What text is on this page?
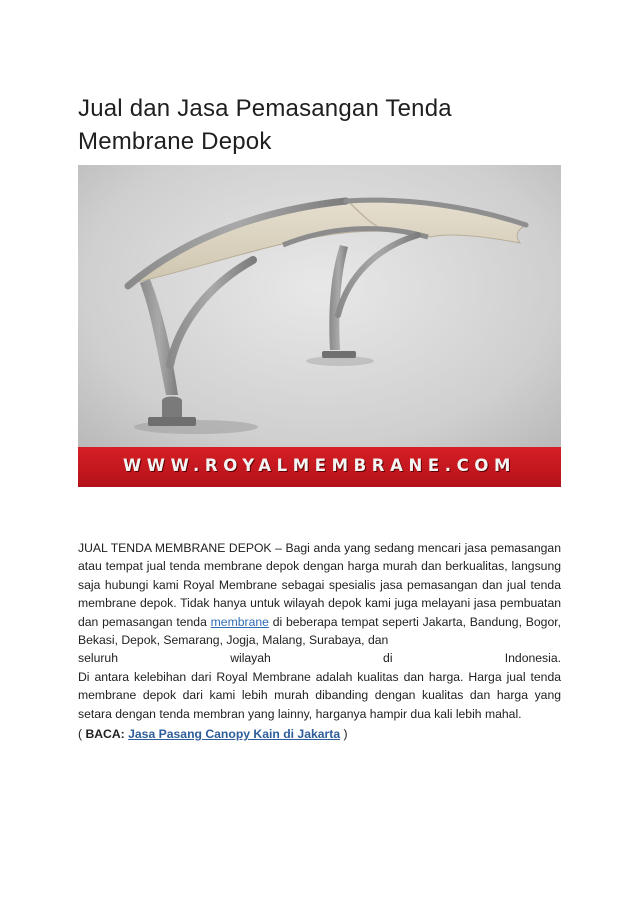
Jual dan Jasa Pemasangan Tenda
Membrane Depok
WWW.ROYALMEMBRANE.COM

JUAL TENDA MEMBRANE DEPOK – Bagi anda yang sedang mencari jasa pemasangan atau tempat jual tenda membrane depok dengan harga murah dan berkualitas, langsung saja hubungi kami Royal Membrane sebagai spesialis jasa pemasangan dan jual tenda membrane depok. Tidak hanya untuk wilayah depok kami juga melayani jasa pembuatan dan pemasangan tenda membrane di beberapa tempat seperti Jakarta, Bandung, Bogor, Bekasi, Depok, Semarang, Jogja, Malang, Surabaya, dan

seluruh	wilayah	di	Indonesia.

Di antara kelebihan dari Royal Membrane adalah kualitas dan harga. Harga jual tenda membrane depok dari kami lebih murah dibanding dengan kualitas dan harga yang setara dengan tenda membran yang lainny, harganya hampir dua kali lebih mahal.

( BACA: Jasa Pasang Canopy Kain di Jakarta )
